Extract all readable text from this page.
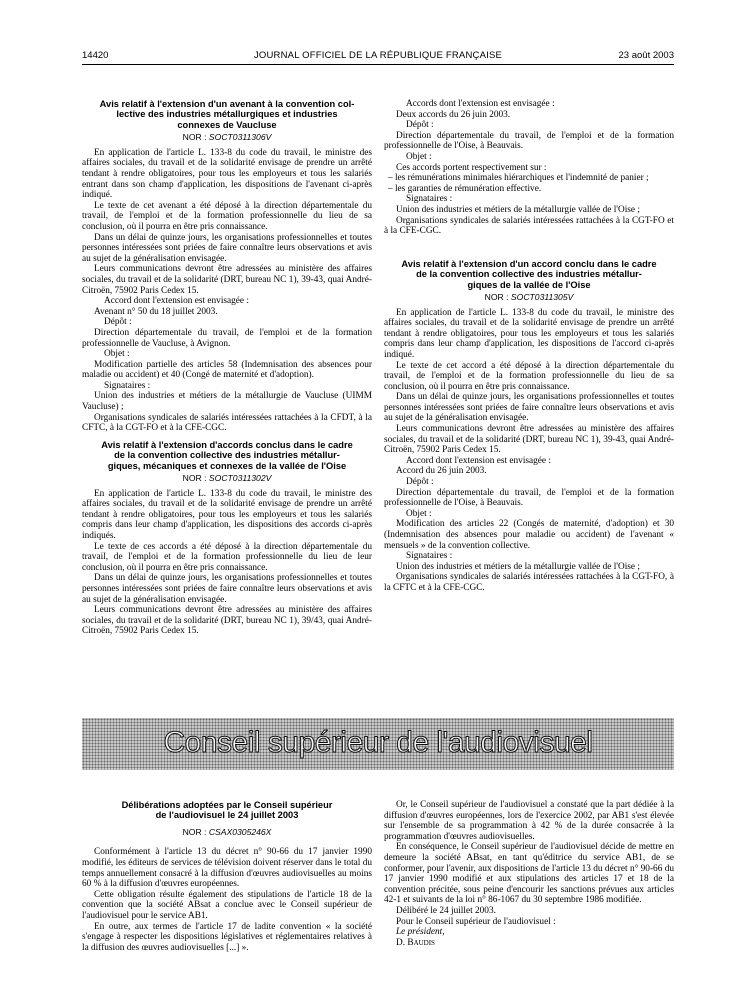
14420	JOURNAL OFFICIEL DE LA RÉPUBLIQUE FRANÇAISE	23 août 2003

Avis relatif à l'extension d'un avenant à la convention col-
lective des industries métallurgiques et industries
connexes de Vaucluse

NOR : SOCT0311306V

En application de l'article L. 133-8 du code du travail, le ministre des affaires sociales, du travail et de la solidarité envisage de prendre un arrêté tendant à rendre obligatoires, pour tous les employeurs et tous les salariés entrant dans son champ d'application, les dispositions de l'avenant ci-après indiqué.

Le texte de cet avenant a été déposé à la direction départementale du travail, de l'emploi et de la formation professionnelle du lieu de sa conclusion, où il pourra en être pris connaissance.

Dans un délai de quinze jours, les organisations professionnelles et toutes personnes intéressées sont priées de faire connaître leurs observations et avis au sujet de la généralisation envisagée.

Leurs communications devront être adressées au ministère des affaires sociales, du travail et de la solidarité (DRT, bureau NC 1), 39-43, quai André-Citroën, 75902 Paris Cedex 15.

Accord dont l'extension est envisagée :

Avenant n° 50 du 18 juillet 2003.

Dépôt :

Direction départementale du travail, de l'emploi et de la formation professionnelle de Vaucluse, à Avignon.

Objet :

Modification partielle des articles 58 (Indemnisation des absences pour maladie ou accident) et 40 (Congé de maternité et d'adoption).

Signataires :

Union des industries et métiers de la métallurgie de Vaucluse (UIMM Vaucluse) ;

Organisations syndicales de salariés intéressées rattachées à la CFDT, à la CFTC, à la CGT-FO et à la CFE-CGC.

Avis relatif à l'extension d'accords conclus dans le cadre
de la convention collective des industries métallur-
giques, mécaniques et connexes de la vallée de l'Oise

NOR : SOCT0311302V

En application de l'article L. 133-8 du code du travail, le ministre des affaires sociales, du travail et de la solidarité envisage de prendre un arrêté tendant à rendre obligatoires, pour tous les employeurs et tous les salariés compris dans leur champ d'application, les dispositions des accords ci-après indiqués.

Le texte de ces accords a été déposé à la direction départementale du travail, de l'emploi et de la formation professionnelle du lieu de leur conclusion, où il pourra en être pris connaissance.

Dans un délai de quinze jours, les organisations professionnelles et toutes personnes intéressées sont priées de faire connaître leurs observations et avis au sujet de la généralisation envisagée.

Leurs communications devront être adressées au ministère des affaires sociales, du travail et de la solidarité (DRT, bureau NC 1), 39/43, quai André-Citroën, 75902 Paris Cedex 15.

Accords dont l'extension est envisagée :

Deux accords du 26 juin 2003.

Dépôt :

Direction départementale du travail, de l'emploi et de la formation professionnelle de l'Oise, à Beauvais.

Objet :

Ces accords portent respectivement sur :

– les rémunérations minimales hiérarchiques et l'indemnité de panier ;

– les garanties de rémunération effective.

Signataires :

Union des industries et métiers de la métallurgie vallée de l'Oise ;

Organisations syndicales de salariés intéressées rattachées à la CGT-FO et à la CFE-CGC.

Avis relatif à l'extension d'un accord conclu dans le cadre
de la convention collective des industries métallur-
giques de la vallée de l'Oise

NOR : SOCT0311305V

En application de l'article L. 133-8 du code du travail, le ministre des affaires sociales, du travail et de la solidarité envisage de prendre un arrêté tendant à rendre obligatoires, pour tous les employeurs et tous les salariés compris dans leur champ d'application, les dispositions de l'accord ci-après indiqué.

Le texte de cet accord a été déposé à la direction départementale du travail, de l'emploi et de la formation professionnelle du lieu de sa conclusion, où il pourra en être pris connaissance.

Dans un délai de quinze jours, les organisations professionnelles et toutes personnes intéressées sont priées de faire connaître leurs observations et avis au sujet de la généralisation envisagée.

Leurs communications devront être adressées au ministère des affaires sociales, du travail et de la solidarité (DRT, bureau NC 1), 39-43, quai André-Citroën, 75902 Paris Cedex 15.

Accord dont l'extension est envisagée :

Accord du 26 juin 2003.

Dépôt :

Direction départementale du travail, de l'emploi et de la formation professionnelle de l'Oise, à Beauvais.

Objet :

Modification des articles 22 (Congés de maternité, d'adoption) et 30 (Indemnisation des absences pour maladie ou accident) de l'avenant « mensuels » de la convention collective.

Signataires :

Union des industries et métiers de la métallurgie vallée de l'Oise ;

Organisations syndicales de salariés intéressées rattachées à la CGT-FO, à la CFTC et à la CFE-CGC.

Conseil supérieur de l'audiovisuel

Délibérations adoptées par le Conseil supérieur
de l'audiovisuel le 24 juillet 2003

NOR : CSAX0305246X

Conformément à l'article 13 du décret n° 90-66 du 17 janvier 1990 modifié, les éditeurs de services de télévision doivent réserver dans le total du temps annuellement consacré à la diffusion d'œuvres audiovisuelles au moins 60 % à la diffusion d'œuvres européennes.

Cette obligation résulte également des stipulations de l'article 18 de la convention que la société ABsat a conclue avec le Conseil supérieur de l'audiovisuel pour le service AB1.

En outre, aux termes de l'article 17 de ladite convention « la société s'engage à respecter les dispositions législatives et réglementaires relatives à la diffusion des œuvres audiovisuelles [...] ».

Or, le Conseil supérieur de l'audiovisuel a constaté que la part dédiée à la diffusion d'œuvres européennes, lors de l'exercice 2002, par AB1 s'est élevée sur l'ensemble de sa programmation à 42 % de la durée consacrée à la programmation d'œuvres audiovisuelles.

En conséquence, le Conseil supérieur de l'audiovisuel décide de mettre en demeure la société ABsat, en tant qu'éditrice du service AB1, de se conformer, pour l'avenir, aux dispositions de l'article 13 du décret n° 90-66 du 17 janvier 1990 modifié et aux stipulations des articles 17 et 18 de la convention précitée, sous peine d'encourir les sanctions prévues aux articles 42-1 et suivants de la loi n° 86-1067 du 30 septembre 1986 modifiée.

Délibéré le 24 juillet 2003.

Pour le Conseil supérieur de l'audiovisuel :

Le président,

D. Baudis
